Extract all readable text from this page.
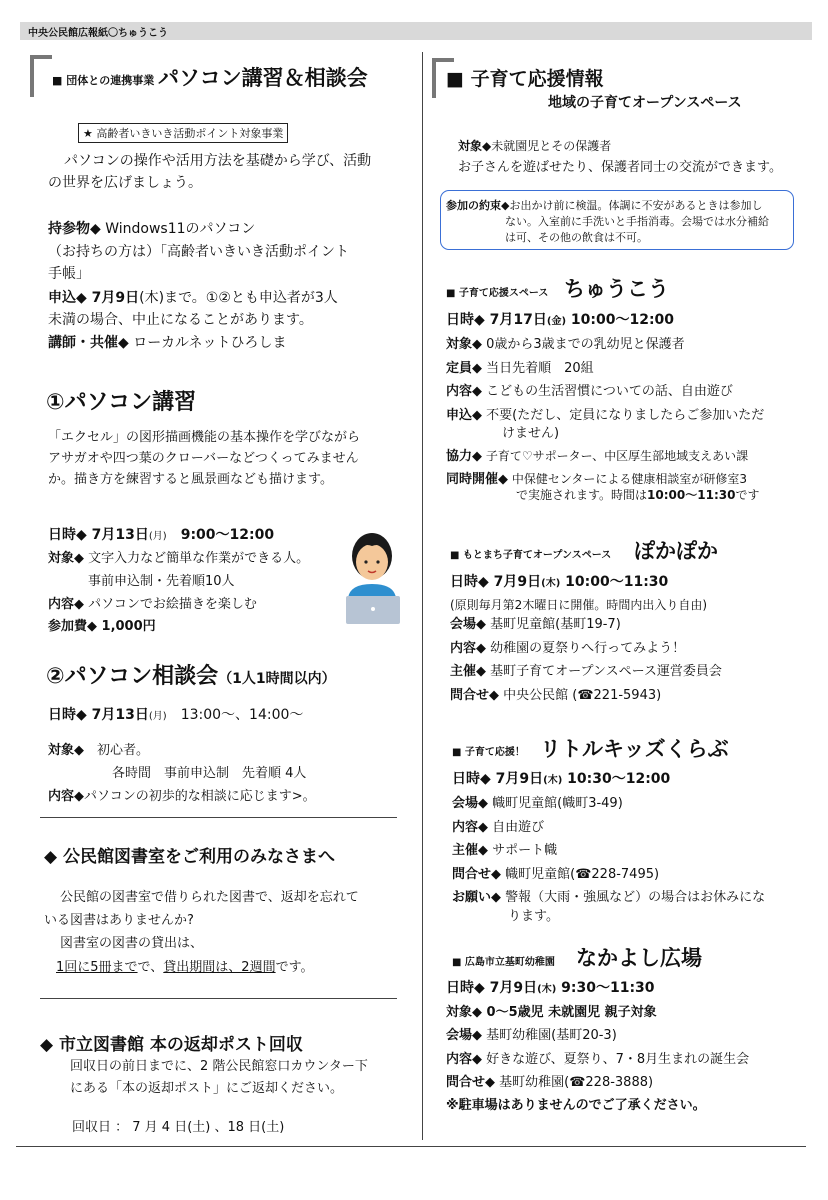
中央公民館広報紙〇ちゅうこう
■ 団体との連携事業 パソコン講習＆相談会
★ 高齢者いきいき活動ポイント対象事業
パソコンの操作や活用方法を基礎から学び、活動
の世界を広げましょう。
持参物◆ Windows11のパソコン
（お持ちの方は）「高齢者いきいき活動ポイント
手帳」
申込◆ 7月9日(木)まで。①②とも申込者が3人
未満の場合、中止になることがあります。
講師・共催◆ ローカルネットひろしま
①パソコン講習
「エクセル」の図形描画機能の基本操作を学びながら
アサガオや四つ葉のクローバーなどつくってみません
か。描き方を練習すると風景画なども描けます。
日時◆ 7月13日(月)　9:00～12:00
対象◆ 文字入力など簡単な作業ができる人。
事前申込制・先着順10人
内容◆ パソコンでお絵描きを楽しむ
参加費◆ 1,000円
②パソコン相談会（1人1時間以内）
日時◆ 7月13日(月)　13:00～、14:00～
対象◆　初心者。
各時間　事前申込制　先着順 4人
内容◆パソコンの初歩的な相談に応じます>。
◆ 公民館図書室をご利用のみなさまへ
公民館の図書室で借りられた図書で、返却を忘れて
いる図書はありませんか?
図書室の図書の貸出は、
1回に5冊までで、貸出期間は、2週間です。
◆ 市立図書館 本の返却ポスト回収
回収日の前日までに、2 階公民館窓口カウンター下
にある「本の返却ポスト」にご返却ください。
回収日 ： 7 月 4 日(土) 、18 日(土)
■ 子育て応援情報
地域の子育てオープンスペース
対象◆未就園児とその保護者
お子さんを遊ばせたり、保護者同士の交流ができます。
参加の約束◆お出かけ前に検温。体調に不安があるときは参加し
ない。入室前に手洗いと手指消毒。会場では水分補給
は可、その他の飲食は不可。
■ 子育て応援スペース ちゅうこう
日時◆ 7月17日(金) 10:00～12:00
対象◆ 0歳から3歳までの乳幼児と保護者
定員◆ 当日先着順　20組
内容◆ こどもの生活習慣についての話、自由遊び
申込◆ 不要(ただし、定員になりましたらご参加いただ
けません)
協力◆ 子育て♡サポーター、中区厚生部地域支えあい課
同時開催◆ 中保健センターによる健康相談室が研修室3
で実施されます。時間は10:00～11:30です
■ もとまち子育てオープンスペース ぽかぽか
日時◆ 7月9日(木) 10:00～11:30
(原則毎月第2木曜日に開催。時間内出入り自由)
会場◆ 基町児童館(基町19-7)
内容◆ 幼稚園の夏祭りへ行ってみよう！
主催◆ 基町子育てオープンスペース運営委員会
問合せ◆ 中央公民館 (☎221-5943)
■ 子育て応援！ リトルキッズくらぶ
日時◆ 7月9日(木) 10:30～12:00
会場◆ 幟町児童館(幟町3-49)
内容◆ 自由遊び
主催◆ サポート幟
問合せ◆ 幟町児童館(☎228-7495)
お願い◆ 警報（大雨・強風など）の場合はお休みにな
ります。
■ 広島市立基町幼稚園 なかよし広場
日時◆ 7月9日(木) 9:30～11:30
対象◆ 0～5歳児 未就園児 親子対象
会場◆ 基町幼稚園(基町20-3)
内容◆ 好きな遊び、夏祭り、7・8月生まれの誕生会
問合せ◆ 基町幼稚園(☎228-3888)
※駐車場はありませんのでご了承ください。
